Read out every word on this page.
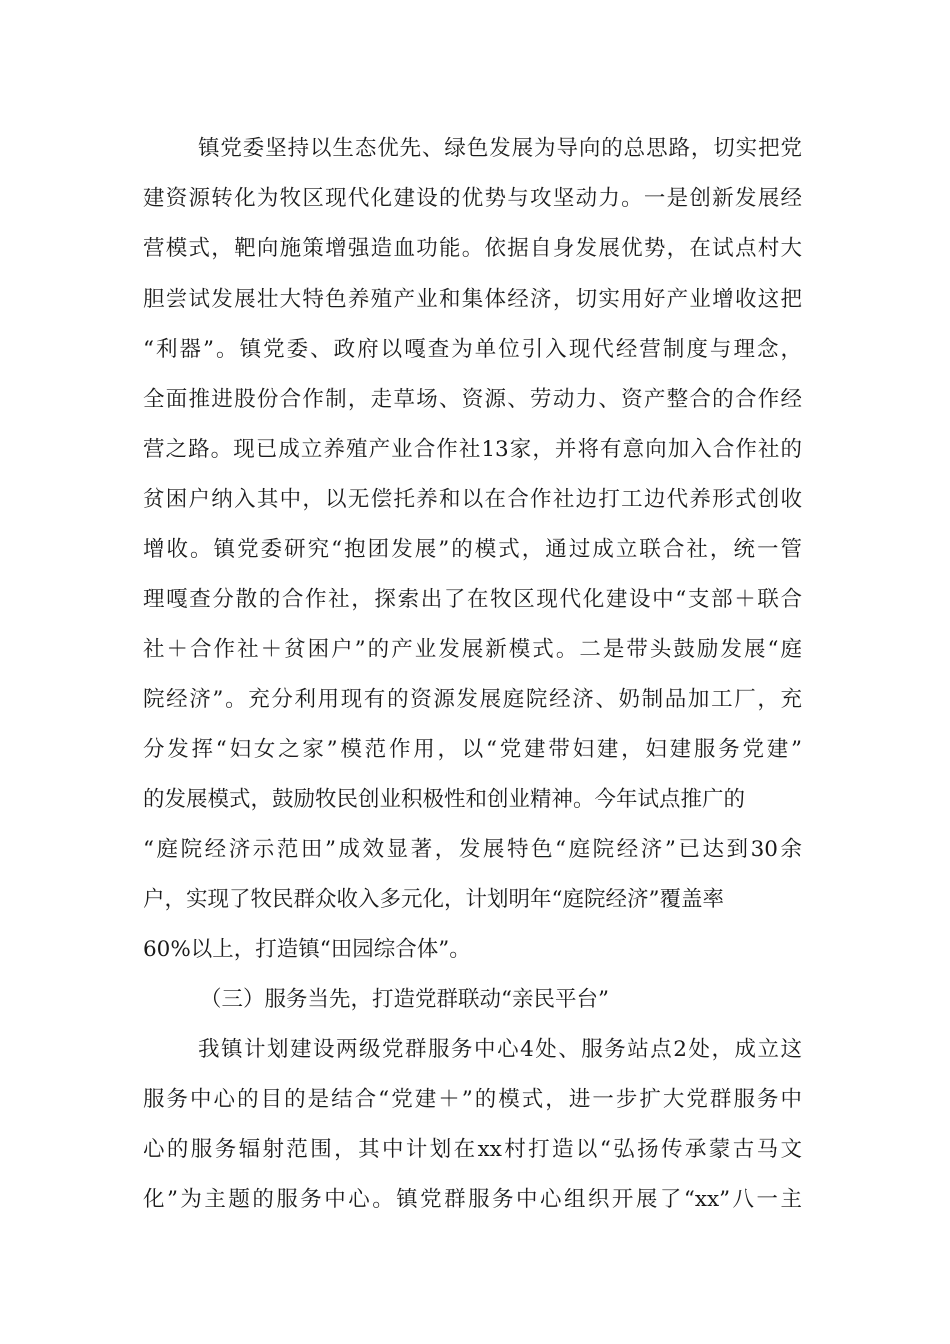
镇党委坚持以生态优先、绿色发展为导向的总思路，切实把党
建资源转化为牧区现代化建设的优势与攻坚动力。一是创新发展经
营模式，靶向施策增强造血功能。依据自身发展优势，在试点村大
胆尝试发展壮大特色养殖产业和集体经济，切实用好产业增收这把
“利器”。镇党委、政府以嘎查为单位引入现代经营制度与理念，
全面推进股份合作制，走草场、资源、劳动力、资产整合的合作经
营之路。现已成立养殖产业合作社13家，并将有意向加入合作社的
贫困户纳入其中，以无偿托养和以在合作社边打工边代养形式创收
增收。镇党委研究“抱团发展”的模式，通过成立联合社，统一管
理嘎查分散的合作社，探索出了在牧区现代化建设中“支部＋联合
社＋合作社＋贫困户”的产业发展新模式。二是带头鼓励发展“庭
院经济”。充分利用现有的资源发展庭院经济、奶制品加工厂，充
分发挥“妇女之家”模范作用，以“党建带妇建，妇建服务党建”
的发展模式，鼓励牧民创业积极性和创业精神。今年试点推广的
“庭院经济示范田”成效显著，发展特色“庭院经济”已达到30余
户，实现了牧民群众收入多元化，计划明年“庭院经济”覆盖率
60%以上，打造镇“田园综合体”。
（三）服务当先，打造党群联动“亲民平台”
我镇计划建设两级党群服务中心4处、服务站点2处，成立这
服务中心的目的是结合“党建＋”的模式，进一步扩大党群服务中
心的服务辐射范围，其中计划在xx村打造以“弘扬传承蒙古马文
化”为主题的服务中心。镇党群服务中心组织开展了“xx”八一主
